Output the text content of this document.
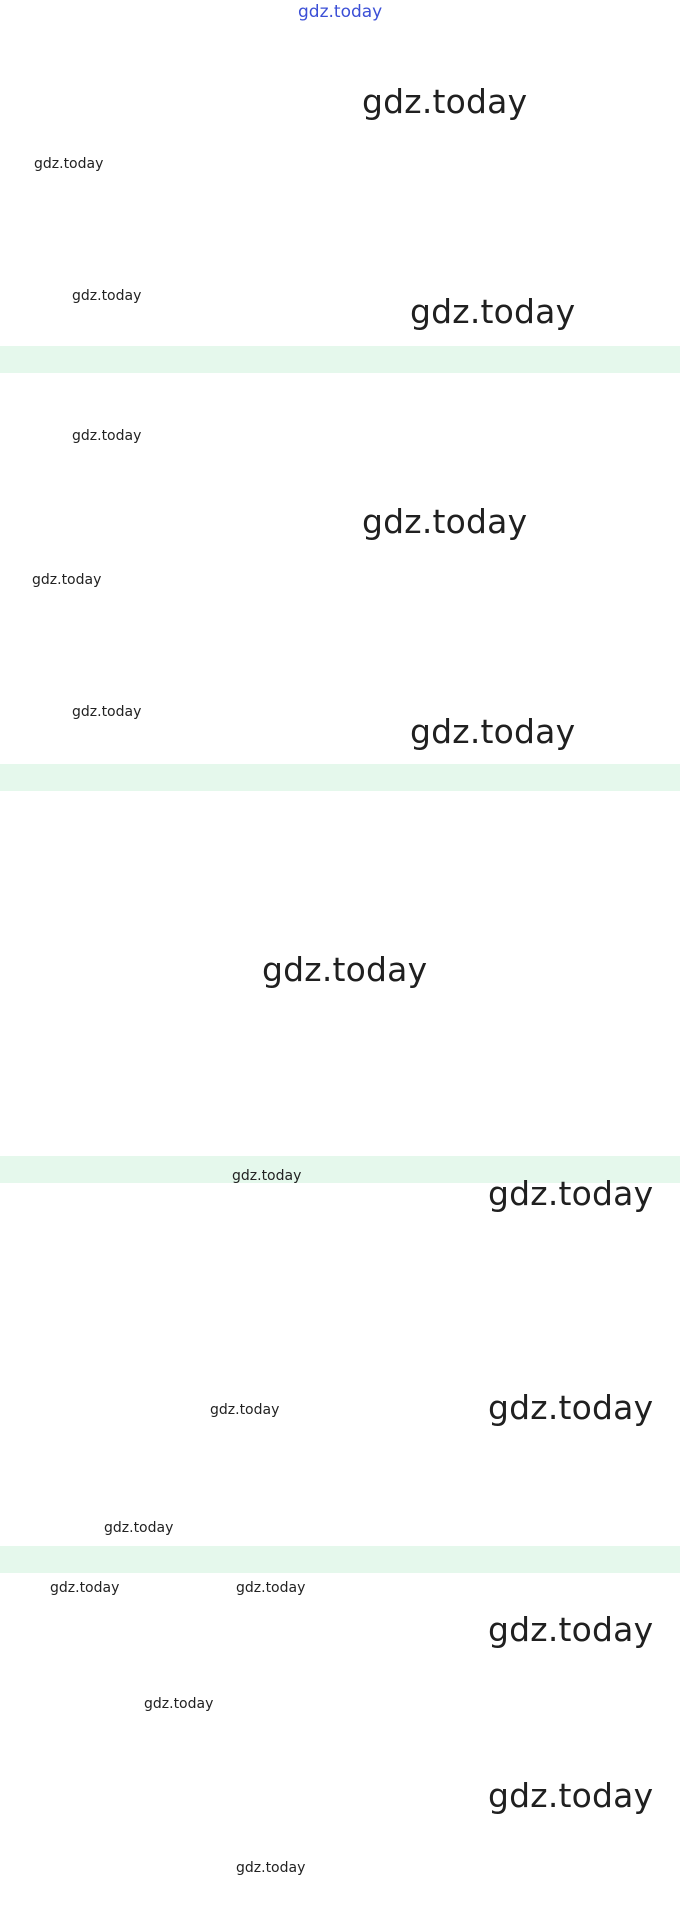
gdz.today
gdz.today
gdz.today
gdz.today	gdz.today
gdz.today
gdz.today
gdz.today
gdz.today	gdz.today
gdz.today
gdz.today	gdz.today
gdz.today
gdz.today
gdz.today
gdz.today	gdz.today
gdz.today
gdz.today
gdz.today
gdz.today
